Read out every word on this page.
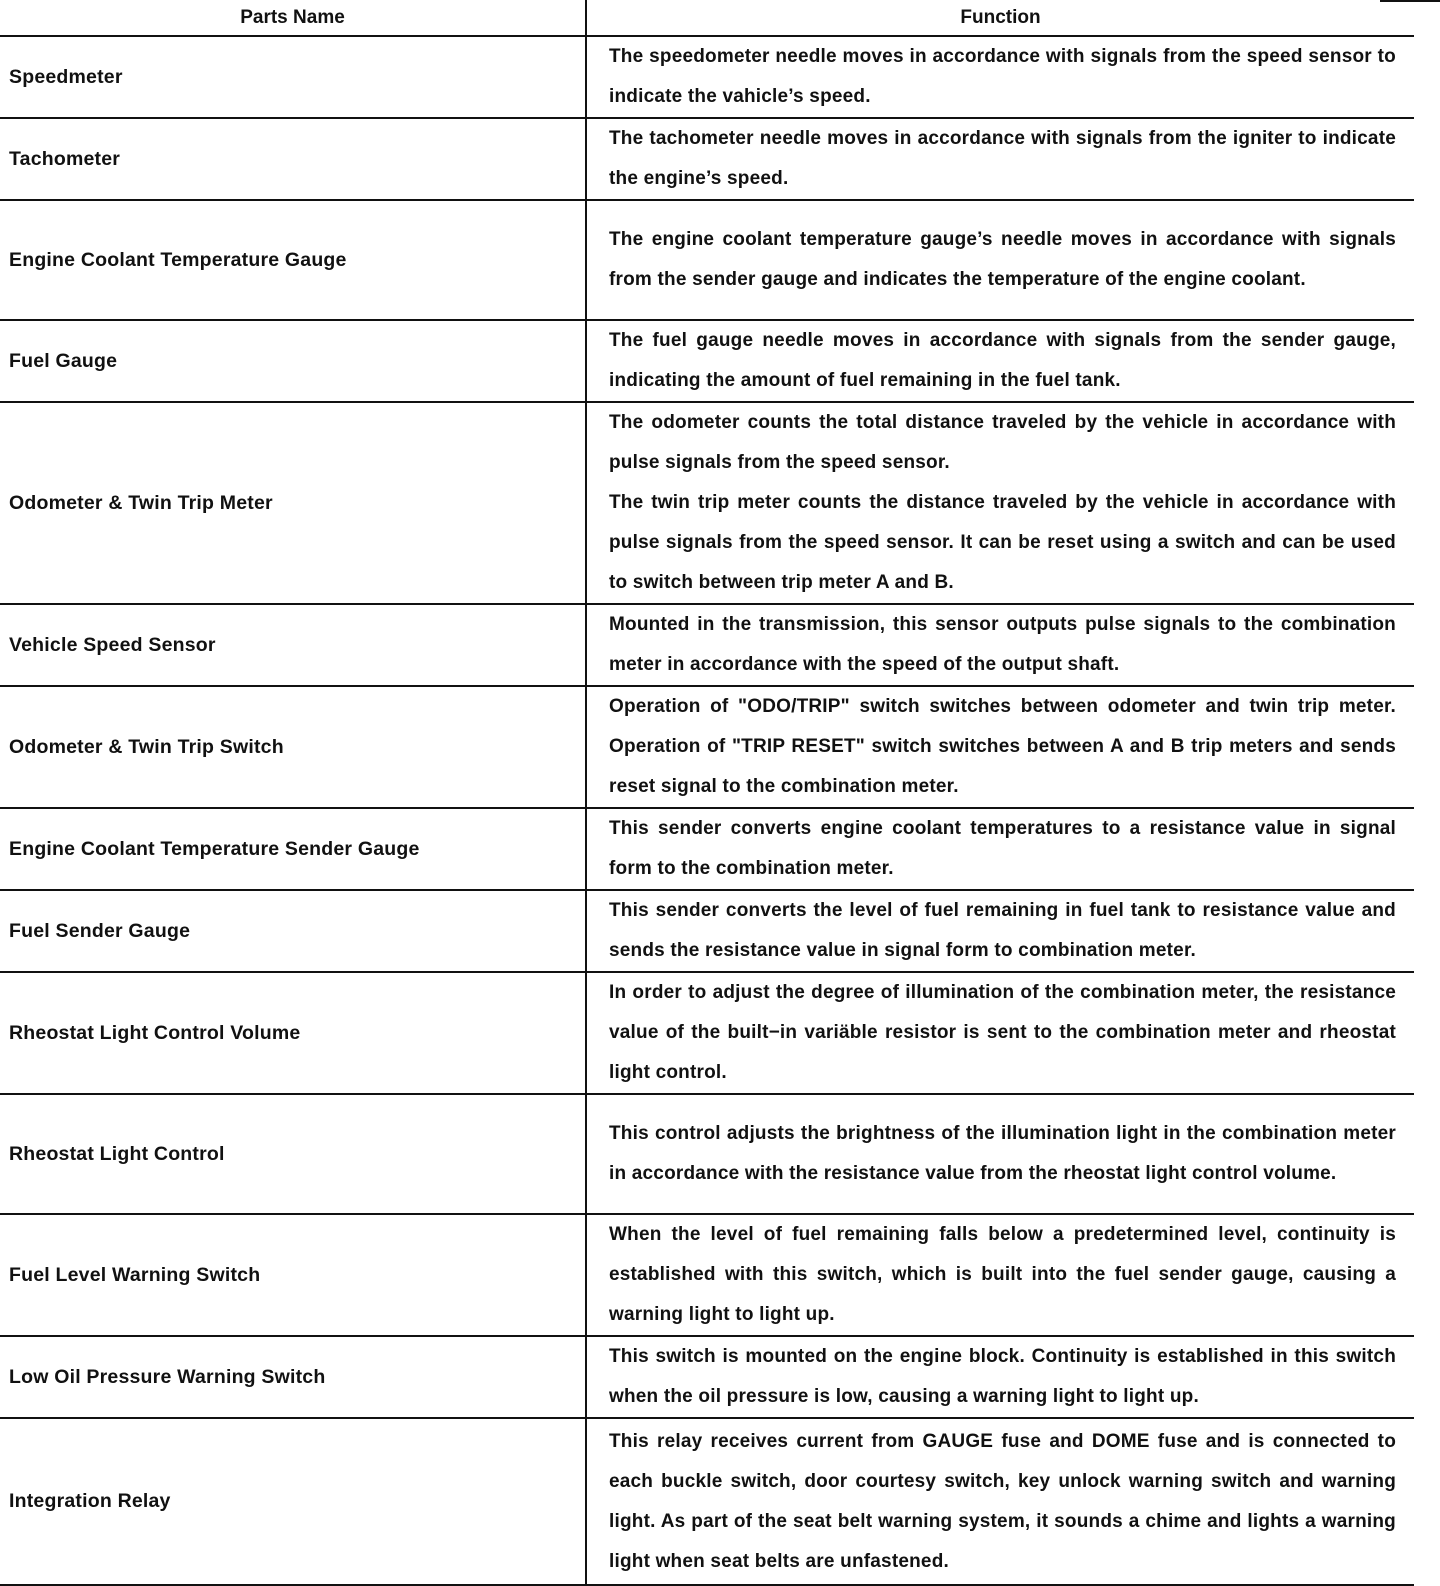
Parts Name	Function
Speedmeter	The speedometer needle moves in accordance with signals from the speed sensor to indicate the vahicle’s speed.

Tachometer	The tachometer needle moves in accordance with signals from the igniter to indicate the engine’s speed.

Engine Coolant Temperature Gauge	The engine coolant temperature gauge’s needle moves in accordance with signals from the sender gauge and indicates the temperature of the engine coolant.

Fuel Gauge	The fuel gauge needle moves in accordance with signals from the sender gauge, indicating the amount of fuel remaining in the fuel tank.

Odometer & Twin Trip Meter	The odometer counts the total distance traveled by the vehicle in accordance with pulse signals from the speed sensor.
The twin trip meter counts the distance traveled by the vehicle in accordance with pulse signals from the speed sensor. It can be reset using a switch and can be used to switch between trip meter A and B.

Vehicle Speed Sensor	Mounted in the transmission, this sensor outputs pulse signals to the combination meter in accordance with the speed of the output shaft.

Odometer & Twin Trip Switch	Operation of "ODO/TRIP" switch switches between odometer and twin trip meter. Operation of "TRIP RESET" switch switches between A and B trip meters and sends reset signal to the combination meter.

Engine Coolant Temperature Sender Gauge	This sender converts engine coolant temperatures to a resistance value in signal form to the combination meter.

Fuel Sender Gauge	This sender converts the level of fuel remaining in fuel tank to resistance value and sends the resistance value in signal form to combination meter.

Rheostat Light Control Volume	In order to adjust the degree of illumination of the combination meter, the resistance value of the built−in variäble resistor is sent to the combination meter and rheostat light control.

Rheostat Light Control	This control adjusts the brightness of the illumination light in the combination meter in accordance with the resistance value from the rheostat light control volume.

Fuel Level Warning Switch	When the level of fuel remaining falls below a predetermined level, continuity is established with this switch, which is built into the fuel sender gauge, causing a warning light to light up.

Low Oil Pressure Warning Switch	This switch is mounted on the engine block. Continuity is established in this switch when the oil pressure is low, causing a warning light to light up.

Integration Relay	This relay receives current from GAUGE fuse and DOME fuse and is connected to each buckle switch, door courtesy switch, key unlock warning switch and warning light. As part of the seat belt warning system, it sounds a chime and lights a warning light when seat belts are unfastened.
